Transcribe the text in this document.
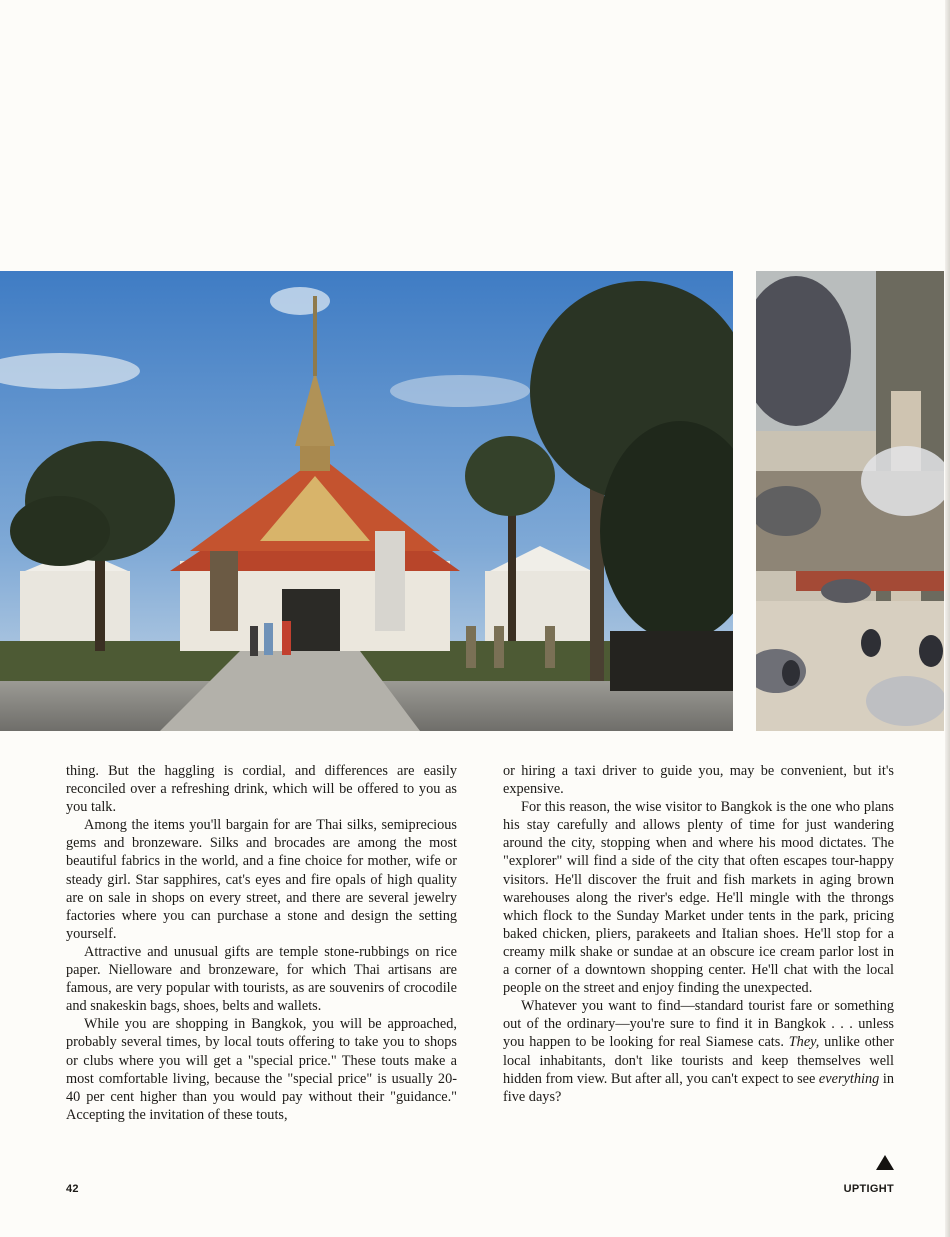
thing. But the haggling is cordial, and differences are easily reconciled over a refreshing drink, which will be offered to you as you talk.

Among the items you'll bargain for are Thai silks, semiprecious gems and bronzeware. Silks and brocades are among the most beautiful fabrics in the world, and a fine choice for mother, wife or steady girl. Star sapphires, cat's eyes and fire opals of high quality are on sale in shops on every street, and there are several jewelry factories where you can purchase a stone and design the setting yourself.

Attractive and unusual gifts are temple stone-rubbings on rice paper. Nielloware and bronzeware, for which Thai artisans are famous, are very popular with tourists, as are souvenirs of crocodile and snakeskin bags, shoes, belts and wallets.

While you are shopping in Bangkok, you will be approached, probably several times, by local touts offering to take you to shops or clubs where you will get a "special price." These touts make a most comfortable living, because the "special price" is usually 20-40 per cent higher than you would pay without their "guidance." Accepting the invitation of these touts,

or hiring a taxi driver to guide you, may be convenient, but it's expensive.

For this reason, the wise visitor to Bangkok is the one who plans his stay carefully and allows plenty of time for just wandering around the city, stopping when and where his mood dictates. The "explorer" will find a side of the city that often escapes tour-happy visitors. He'll discover the fruit and fish markets in aging brown warehouses along the river's edge. He'll mingle with the throngs which flock to the Sunday Market under tents in the park, pricing baked chicken, pliers, parakeets and Italian shoes. He'll stop for a creamy milk shake or sundae at an obscure ice cream parlor lost in a corner of a downtown shopping center. He'll chat with the local people on the street and enjoy finding the unexpected.

Whatever you want to find—standard tourist fare or something out of the ordinary—you're sure to find it in Bangkok . . . unless you happen to be looking for real Siamese cats. They, unlike other local inhabitants, don't like tourists and keep themselves well hidden from view. But after all, you can't expect to see everything in five days?

42	UPTIGHT
